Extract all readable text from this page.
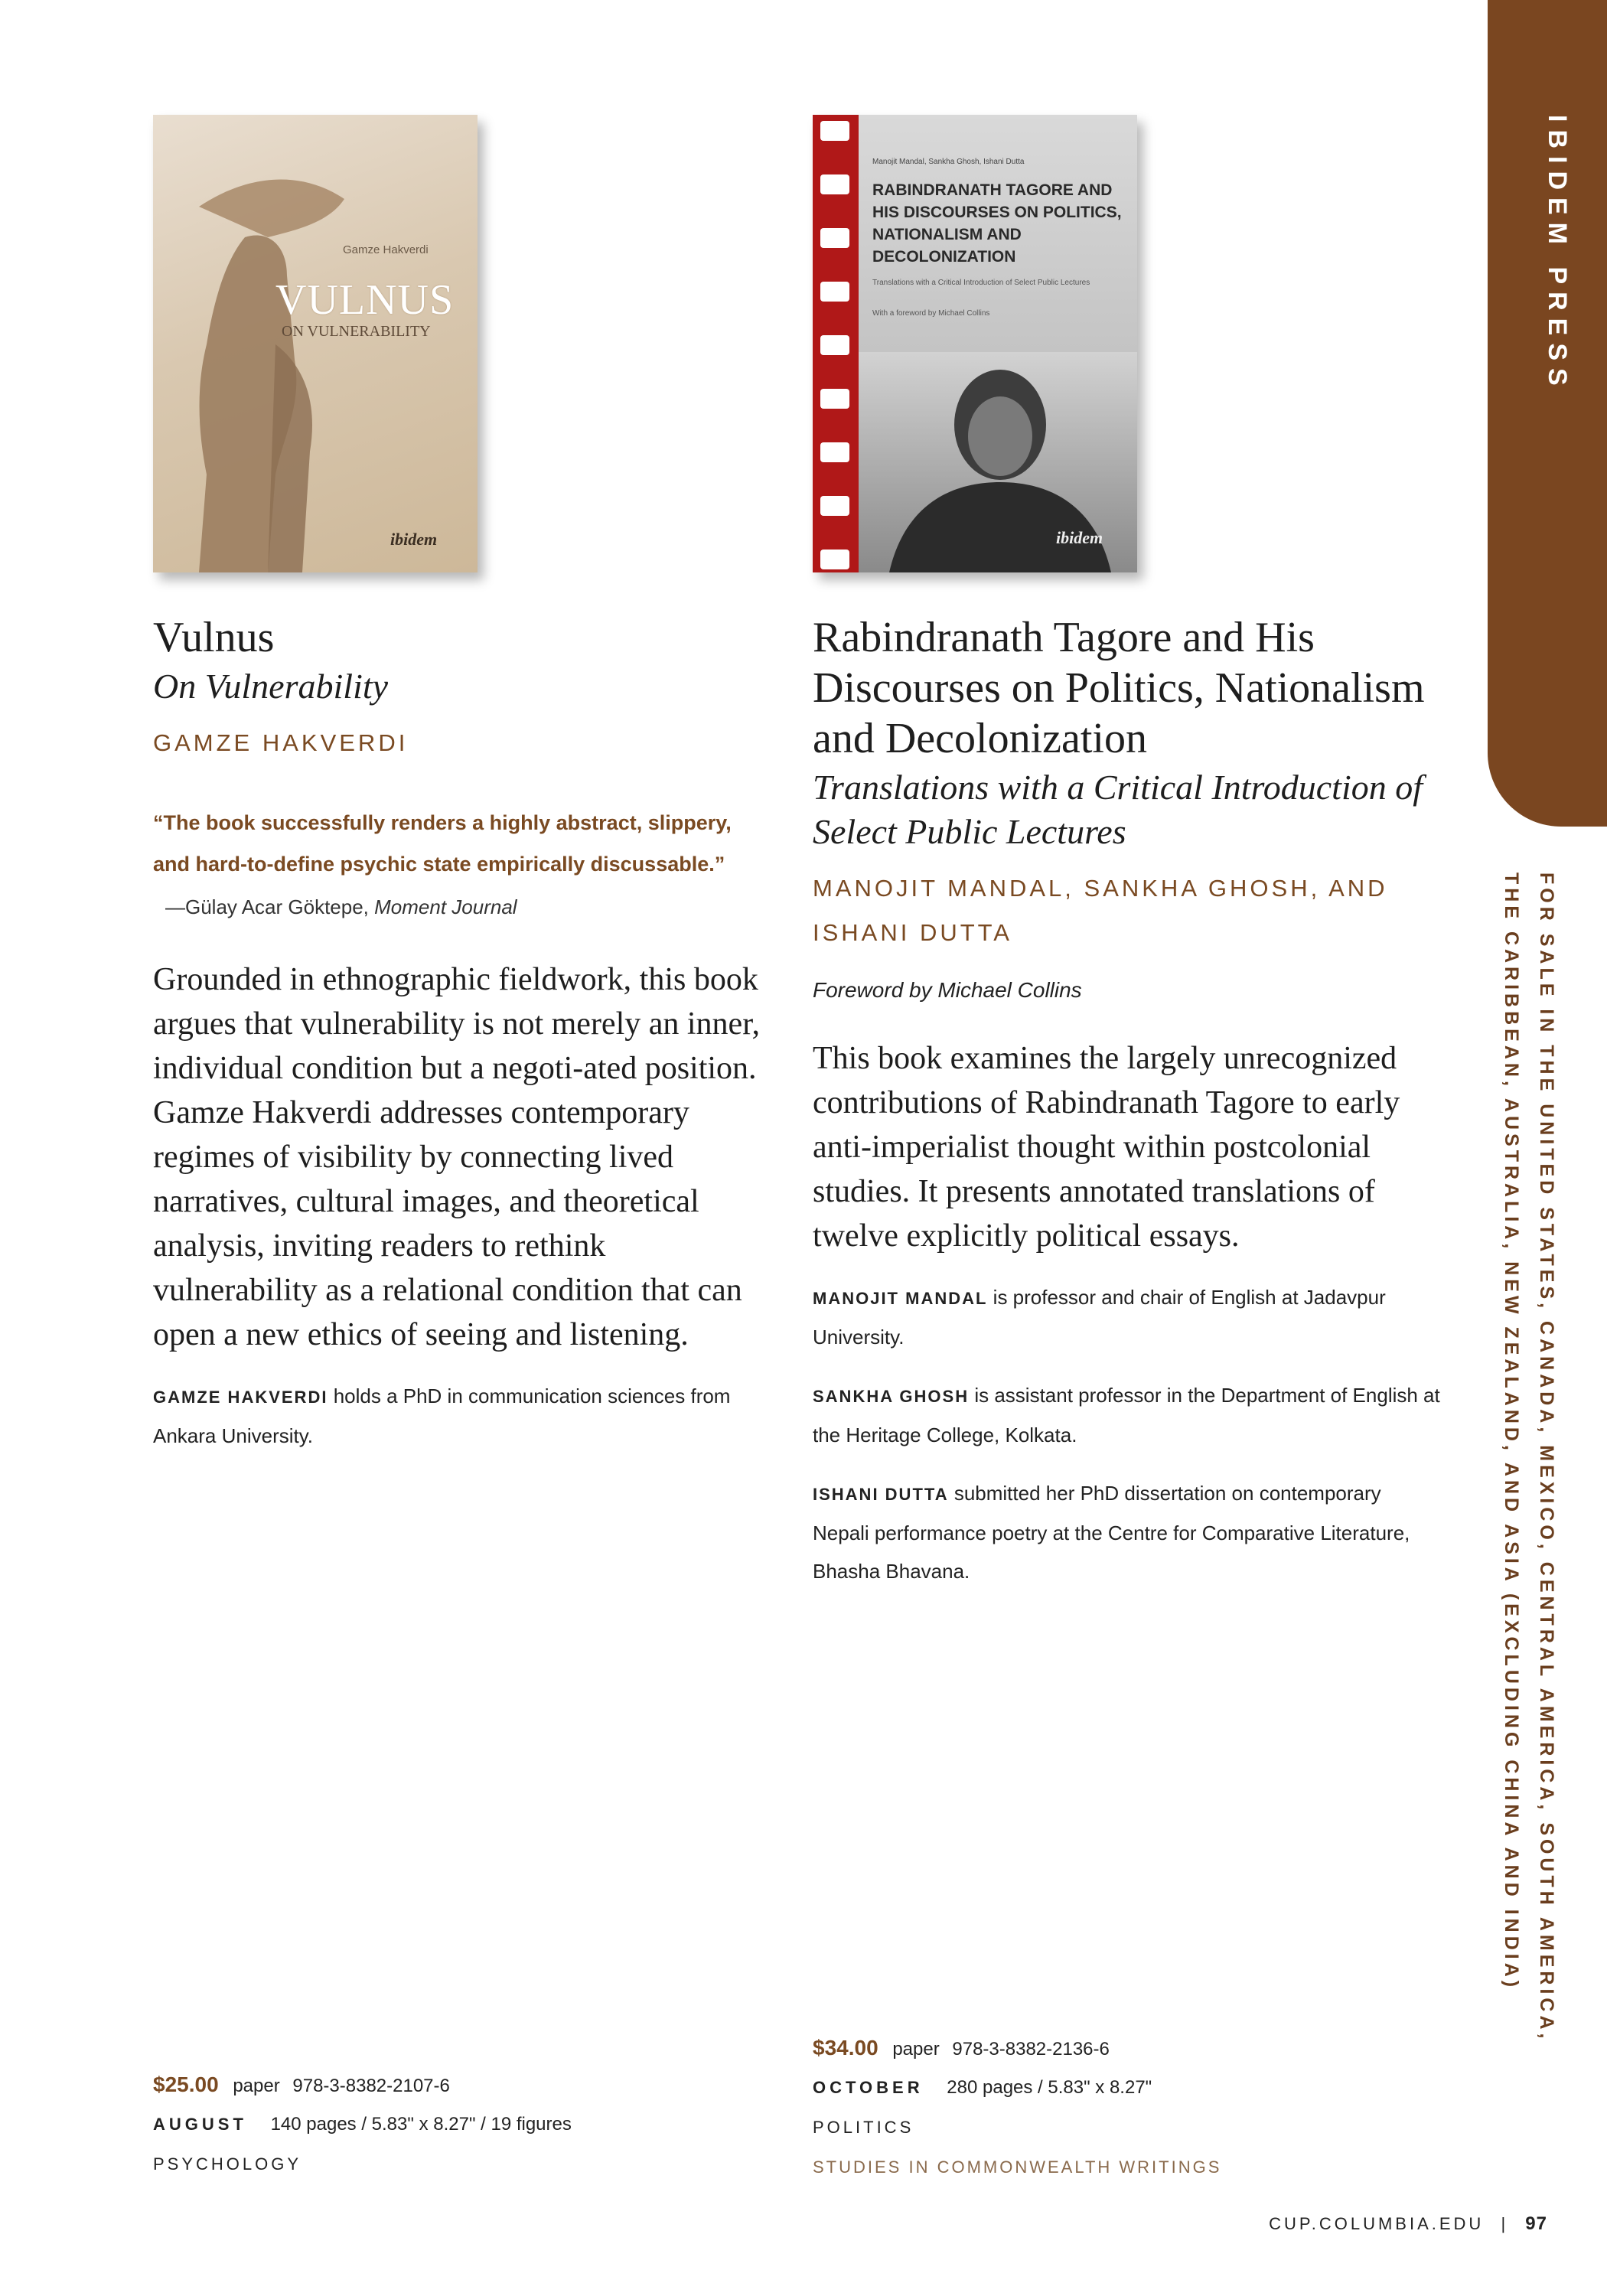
Gamze Hakverdi
VULNUS
ON VULNERABILITY
ibidem
Manojit Mandal, Sankha Ghosh, Ishani Dutta
RABINDRANATH TAGORE AND HIS DISCOURSES ON POLITICS, NATIONALISM AND DECOLONIZATION
Translations with a Critical Introduction of Select Public Lectures
With a foreword by Michael Collins
ibidem
Vulnus
On Vulnerability
GAMZE HAKVERDI
“The book successfully renders a highly abstract, slippery, and hard-to-define psychic state empirically discussable.”
—Gülay Acar Göktepe, Moment Journal
Grounded in ethnographic fieldwork, this book argues that vulnerability is not merely an inner, individual condition but a negoti-ated position. Gamze Hakverdi addresses contemporary regimes of visibility by connecting lived narratives, cultural images, and theoretical analysis, inviting readers to rethink vulnerability as a relational condition that can open a new ethics of seeing and listening.
GAMZE HAKVERDI holds a PhD in communication sciences from Ankara University.
Rabindranath Tagore and His Discourses on Politics, Nationalism and Decolonization
Translations with a Critical Introduction of Select Public Lectures
MANOJIT MANDAL, SANKHA GHOSH, AND ISHANI DUTTA
Foreword by Michael Collins
This book examines the largely unrecognized contributions of Rabindranath Tagore to early anti-imperialist thought within postcolonial studies. It presents annotated translations of twelve explicitly political essays.
MANOJIT MANDAL is professor and chair of English at Jadavpur University.
SANKHA GHOSH is assistant professor in the Department of English at the Heritage College, Kolkata.
ISHANI DUTTA submitted her PhD dissertation on contemporary Nepali performance poetry at the Centre for Comparative Literature, Bhasha Bhavana.
$25.00 paper 978-3-8382-2107-6
AUGUST 140 pages / 5.83" x 8.27" / 19 figures
PSYCHOLOGY
$34.00 paper 978-3-8382-2136-6
OCTOBER 280 pages / 5.83" x 8.27"
POLITICS
STUDIES IN COMMONWEALTH WRITINGS
IBIDEM PRESS
FOR SALE IN THE UNITED STATES, CANADA, MEXICO, CENTRAL AMERICA, SOUTH AMERICA, THE CARIBBEAN, AUSTRALIA, NEW ZEALAND, AND ASIA (EXCLUDING CHINA AND INDIA)
CUP.COLUMBIA.EDU | 97
